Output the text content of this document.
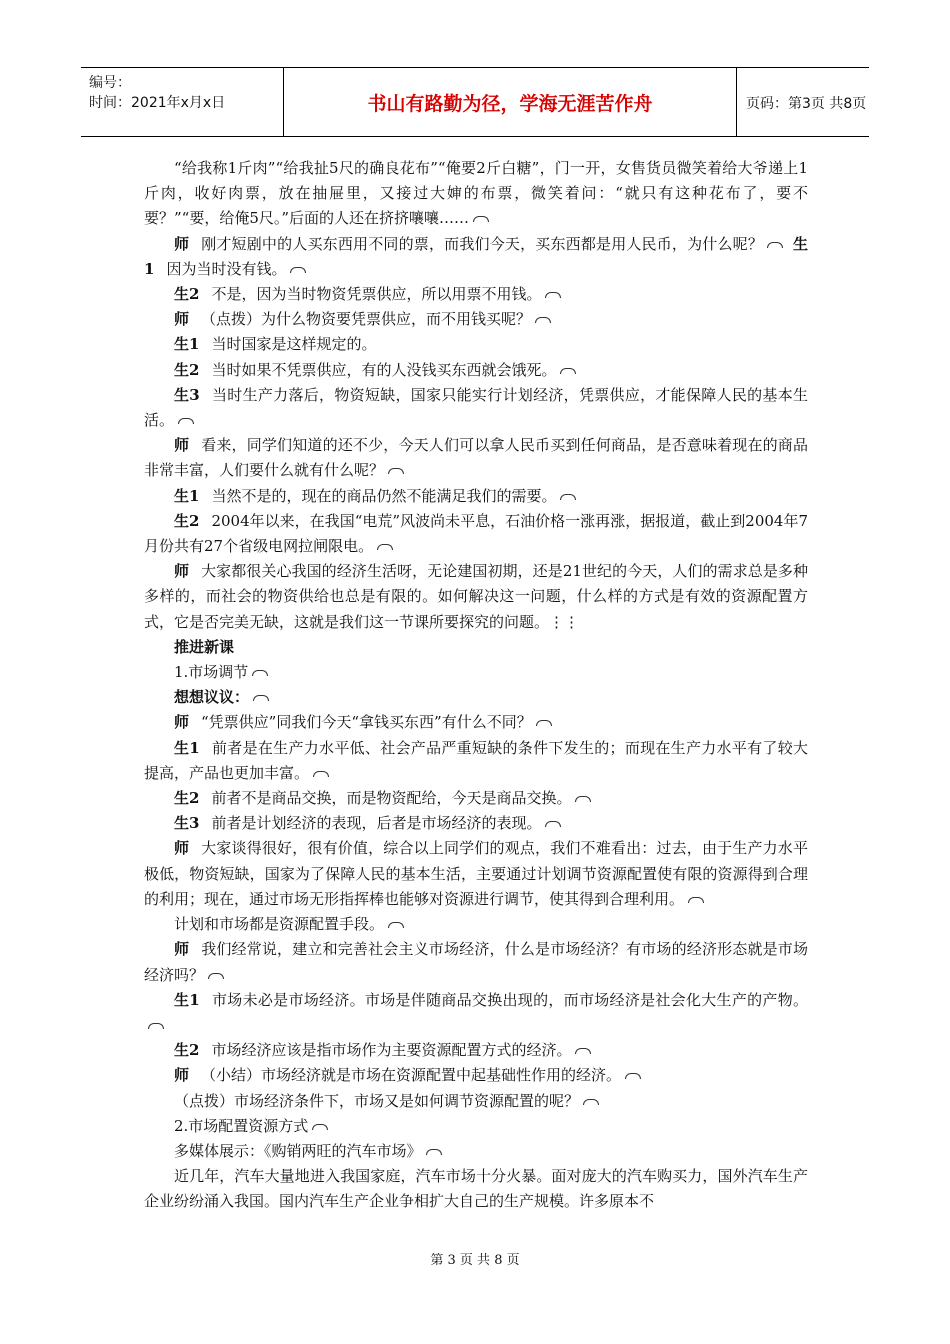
编号：
时间：2021年x月x日	书山有路勤为径，学海无涯苦作舟	页码：第3页 共8页

“给我称1斤肉”“给我扯5尺的确良花布”“俺要2斤白糖”，门一开，女售货员微笑着给大爷递上1斤肉，收好肉票，放在抽屉里，又接过大婶的布票，微笑着问：“就只有这种花布了，要不要？”“要，给俺5尺。”后面的人还在挤挤嚷嚷……

师 刚才短剧中的人买东西用不同的票，而我们今天，买东西都是用人民币，为什么呢？ 生1 因为当时没有钱。

生2 不是，因为当时物资凭票供应，所以用票不用钱。

师 （点拨）为什么物资要凭票供应，而不用钱买呢？

生1 当时国家是这样规定的。

生2 当时如果不凭票供应，有的人没钱买东西就会饿死。

生3 当时生产力落后，物资短缺，国家只能实行计划经济，凭票供应，才能保障人民的基本生活。

师 看来，同学们知道的还不少，今天人们可以拿人民币买到任何商品，是否意味着现在的商品非常丰富，人们要什么就有什么呢？

生1 当然不是的，现在的商品仍然不能满足我们的需要。

生2 2004年以来，在我国“电荒”风波尚未平息，石油价格一涨再涨，据报道，截止到2004年7月份共有27个省级电网拉闸限电。

师 大家都很关心我国的经济生活呀，无论建国初期，还是21世纪的今天，人们的需求总是多种多样的，而社会的物资供给也总是有限的。如何解决这一问题，什么样的方式是有效的资源配置方式，它是否完美无缺，这就是我们这一节课所要探究的问题。⋮⋮

推进新课

1.市场调节

想想议议：

师 “凭票供应”同我们今天“拿钱买东西”有什么不同？

生1 前者是在生产力水平低、社会产品严重短缺的条件下发生的；而现在生产力水平有了较大提高，产品也更加丰富。

生2 前者不是商品交换，而是物资配给，今天是商品交换。

生3 前者是计划经济的表现，后者是市场经济的表现。

师 大家谈得很好，很有价值，综合以上同学们的观点，我们不难看出：过去，由于生产力水平极低，物资短缺，国家为了保障人民的基本生活，主要通过计划调节资源配置使有限的资源得到合理的利用；现在，通过市场无形指挥棒也能够对资源进行调节，使其得到合理利用。

计划和市场都是资源配置手段。

师 我们经常说，建立和完善社会主义市场经济，什么是市场经济？有市场的经济形态就是市场经济吗？

生1 市场未必是市场经济。市场是伴随商品交换出现的，而市场经济是社会化大生产的产物。

生2 市场经济应该是指市场作为主要资源配置方式的经济。

师 （小结）市场经济就是市场在资源配置中起基础性作用的经济。

（点拨）市场经济条件下，市场又是如何调节资源配置的呢？

2.市场配置资源方式

多媒体展示：《购销两旺的汽车市场》

近几年，汽车大量地进入我国家庭，汽车市场十分火暴。面对庞大的汽车购买力，国外汽车生产企业纷纷涌入我国。国内汽车生产企业争相扩大自己的生产规模。许多原本不

第 3 页 共 8 页
